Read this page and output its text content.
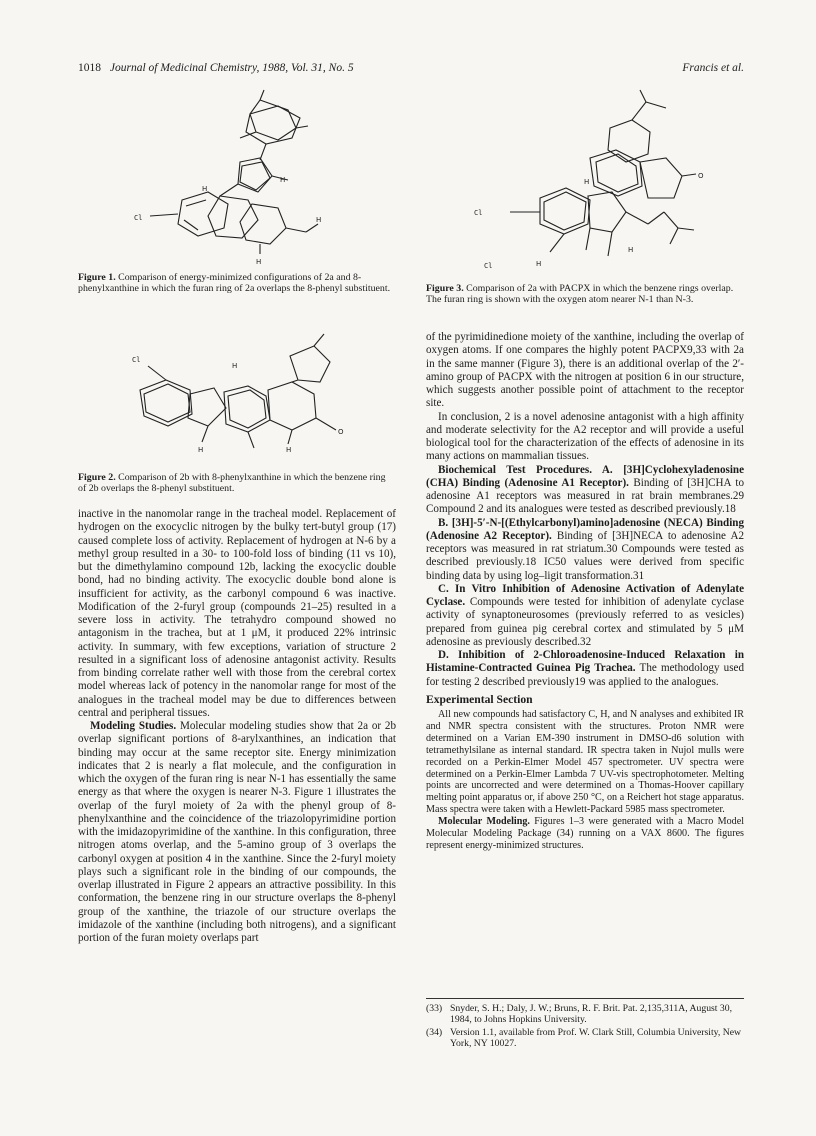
1018 Journal of Medicinal Chemistry, 1988, Vol. 31, No. 5	Francis et al.
Cl
H
H
H
H
Figure 1. Comparison of energy-minimized configurations of 2a and 8-phenylxanthine in which the furan ring of 2a overlaps the 8-phenyl substituent.
Cl
H
H	H
O
Figure 2. Comparison of 2b with 8-phenylxanthine in which the benzene ring of 2b overlaps the 8-phenyl substituent.
Cl
Cl
H
H
H
O
Figure 3. Comparison of 2a with PACPX in which the benzene rings overlap. The furan ring is shown with the oxygen atom nearer N-1 than N-3.

inactive in the nanomolar range in the tracheal model. Replacement of hydrogen on the exocyclic nitrogen by the bulky tert-butyl group (17) caused complete loss of activity. Replacement of hydrogen at N-6 by a methyl group resulted in a 30- to 100-fold loss of binding (11 vs 10), but the dimethylamino compound 12b, lacking the exocyclic double bond, had no binding activity. The exocyclic double bond alone is insufficient for activity, as the carbonyl compound 6 was inactive. Modification of the 2-furyl group (compounds 21–25) resulted in a severe loss in activity. The tetrahydro compound showed no antagonism in the trachea, but at 1 μM, it produced 22% intrinsic activity. In summary, with few exceptions, variation of structure 2 resulted in a significant loss of adenosine antagonist activity. Results from binding correlate rather well with those from the cerebral cortex model whereas lack of potency in the nanomolar range for most of the analogues in the tracheal model may be due to differences between central and peripheral tissues.

Modeling Studies. Molecular modeling studies show that 2a or 2b overlap significant portions of 8-arylxanthines, an indication that binding may occur at the same receptor site. Energy minimization indicates that 2 is nearly a flat molecule, and the configuration in which the oxygen of the furan ring is near N-1 has essentially the same energy as that where the oxygen is nearer N-3. Figure 1 illustrates the overlap of the furyl moiety of 2a with the phenyl group of 8-phenylxanthine and the coincidence of the triazolopyrimidine portion with the imidazopyrimidine of the xanthine. In this configuration, three nitrogen atoms overlap, and the 5-amino group of 3 overlaps the carbonyl oxygen at position 4 in the xanthine. Since the 2-furyl moiety plays such a significant role in the binding of our compounds, the overlap illustrated in Figure 2 appears an attractive possibility. In this conformation, the benzene ring in our structure overlaps the 8-phenyl group of the xanthine, the triazole of our structure overlaps the imidazole of the xanthine (including both nitrogens), and a significant portion of the furan moiety overlaps part

of the pyrimidinedione moiety of the xanthine, including the overlap of oxygen atoms. If one compares the highly potent PACPX9,33 with 2a in the same manner (Figure 3), there is an additional overlap of the 2′-amino group of PACPX with the nitrogen at position 6 in our structure, which suggests another possible point of attachment to the receptor site.

In conclusion, 2 is a novel adenosine antagonist with a high affinity and moderate selectivity for the A2 receptor and will provide a useful biological tool for the characterization of the effects of adenosine in its many actions on mammalian tissues.

Biochemical Test Procedures. A. [3H]Cyclohexyladenosine (CHA) Binding (Adenosine A1 Receptor). Binding of [3H]CHA to adenosine A1 receptors was measured in rat brain membranes.29 Compound 2 and its analogues were tested as described previously.18

B. [3H]-5′-N-[(Ethylcarbonyl)amino]adenosine (NECA) Binding (Adenosine A2 Receptor). Binding of [3H]NECA to adenosine A2 receptors was measured in rat striatum.30 Compounds were tested as described previously.18 IC50 values were derived from specific binding data by using log–ligit transformation.31

C. In Vitro Inhibition of Adenosine Activation of Adenylate Cyclase. Compounds were tested for inhibition of adenylate cyclase activity of synaptoneurosomes (previously referred to as vesicles) prepared from guinea pig cerebral cortex and stimulated by 5 μM adenosine as previously described.32

D. Inhibition of 2-Chloroadenosine-Induced Relaxation in Histamine-Contracted Guinea Pig Trachea. The methodology used for testing 2 described previously19 was applied to the analogues.

Experimental Section

All new compounds had satisfactory C, H, and N analyses and exhibited IR and NMR spectra consistent with the structures. Proton NMR were determined on a Varian EM-390 instrument in DMSO-d6 solution with tetramethylsilane as internal standard. IR spectra taken in Nujol mulls were recorded on a Perkin-Elmer Model 457 spectrometer. UV spectra were determined on a Perkin-Elmer Lambda 7 UV-vis spectrophotometer. Melting points are uncorrected and were determined on a Thomas-Hoover capillary melting point apparatus or, if above 250 °C, on a Reichert hot stage apparatus. Mass spectra were taken with a Hewlett-Packard 5985 mass spectrometer.

Molecular Modeling. Figures 1–3 were generated with a Macro Model Molecular Modeling Package (34) running on a VAX 8600. The figures represent energy-minimized structures.

(33) Snyder, S. H.; Daly, J. W.; Bruns, R. F. Brit. Pat. 2,135,311A, August 30, 1984, to Johns Hopkins University.
(34) Version 1.1, available from Prof. W. Clark Still, Columbia University, New York, NY 10027.
